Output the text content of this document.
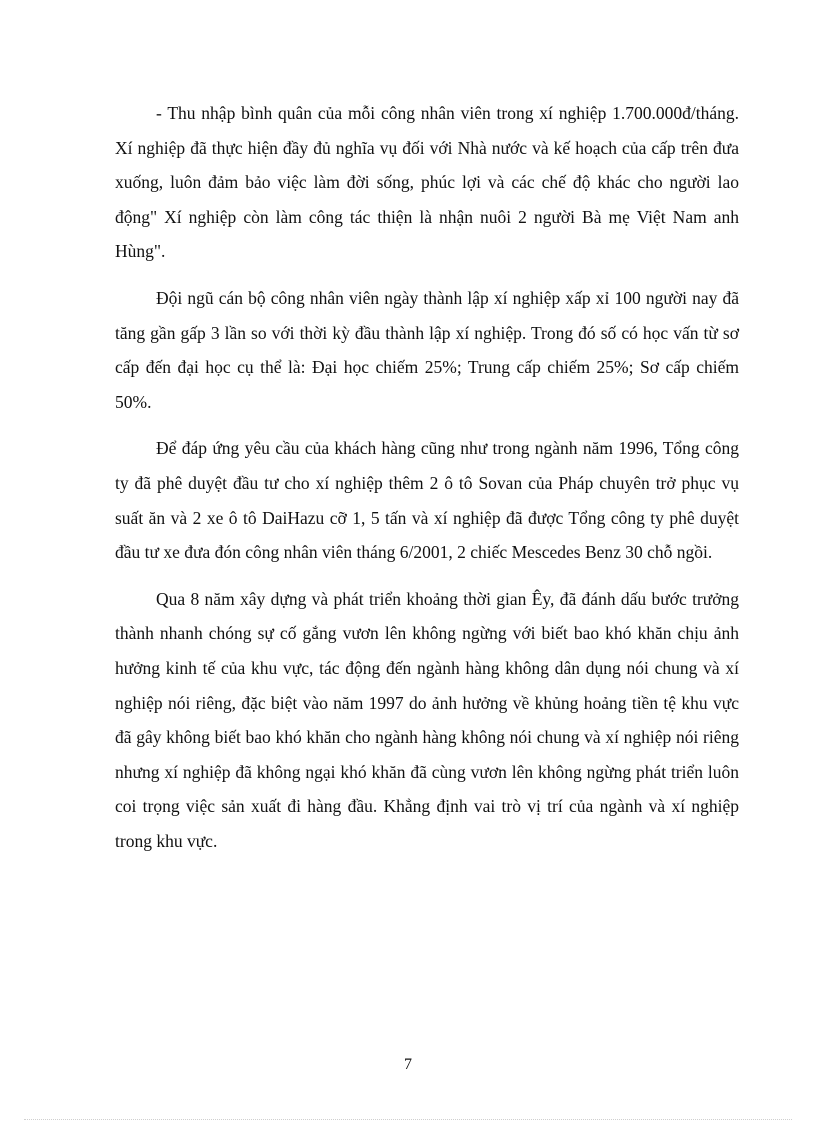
- Thu nhập bình quân của mỗi công nhân viên trong xí nghiệp 1.700.000đ/tháng. Xí nghiệp đã thực hiện đầy đủ nghĩa vụ đối với Nhà nước và kế hoạch của cấp trên đưa xuống, luôn đảm bảo việc làm đời sống, phúc lợi và các chế độ khác cho người lao động" Xí nghiệp còn làm công tác thiện là nhận nuôi 2 người Bà mẹ Việt Nam anh Hùng".

Đội ngũ cán bộ công nhân viên ngày thành lập xí nghiệp xấp xỉ 100 người nay đã tăng gần gấp 3 lần so với thời kỳ đầu thành lập xí nghiệp. Trong đó số có học vấn từ sơ cấp đến đại học cụ thể là: Đại học chiếm 25%; Trung cấp chiếm 25%; Sơ cấp chiếm 50%.

Để đáp ứng yêu cầu của khách hàng cũng như trong ngành năm 1996, Tổng công ty đã phê duyệt đầu tư cho xí nghiệp thêm 2 ô tô Sovan của Pháp chuyên trở phục vụ suất ăn và 2 xe ô tô DaiHazu cỡ 1, 5 tấn và xí nghiệp đã được Tổng công ty phê duyệt đầu tư xe đưa đón công nhân viên tháng 6/2001, 2 chiếc Mescedes Benz 30 chỗ ngồi.

Qua 8 năm xây dựng và phát triển khoảng thời gian Êy, đã đánh dấu bước trưởng thành nhanh chóng sự cố gắng vươn lên không ngừng với biết bao khó khăn chịu ảnh hưởng kinh tế của khu vực, tác động đến ngành hàng không dân dụng nói chung và xí nghiệp nói riêng, đặc biệt vào năm 1997 do ảnh hưởng về khủng hoảng tiền tệ khu vực đã gây không biết bao khó khăn cho ngành hàng không nói chung và xí nghiệp nói riêng nhưng xí nghiệp đã không ngại khó khăn đã cùng vươn lên không ngừng phát triển luôn coi trọng việc sản xuất đi hàng đầu. Khẳng định vai trò vị trí của ngành và xí nghiệp trong khu vực.

7
